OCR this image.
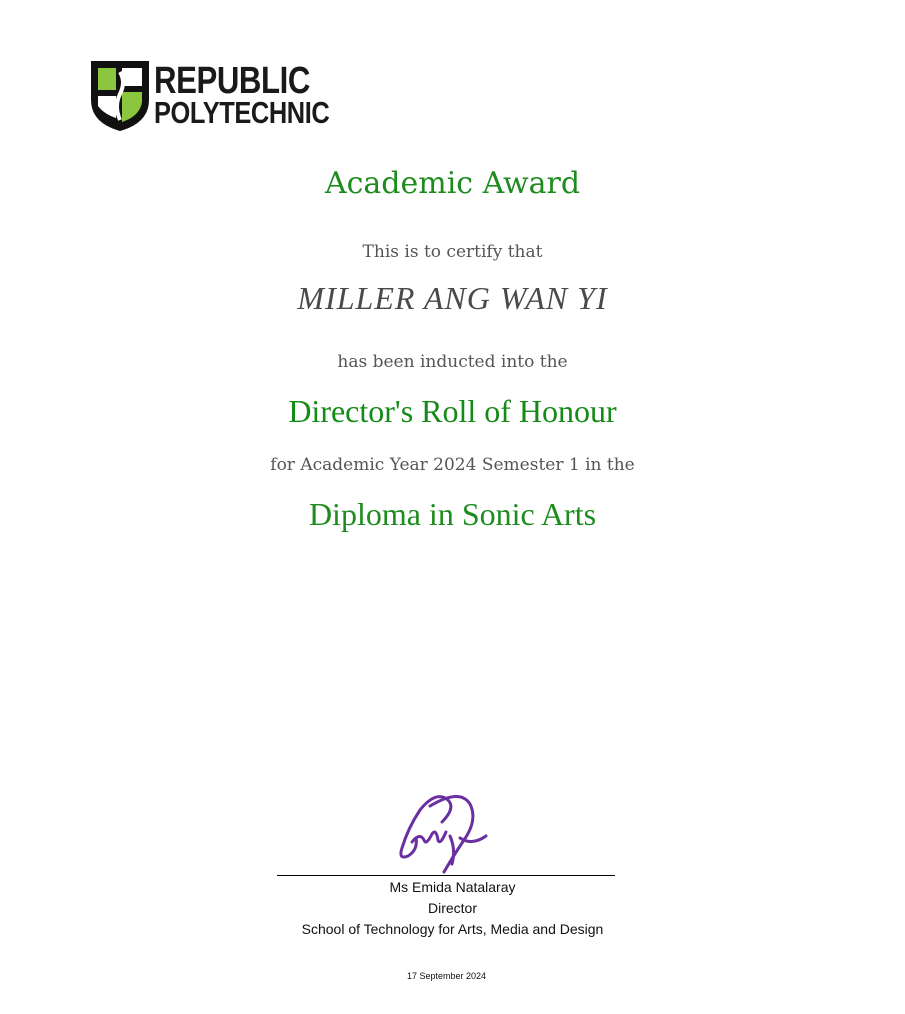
REPUBLIC
POLYTECHNIC
Academic Award

This is to certify that

MILLER ANG WAN YI

has been inducted into the

Director's Roll of Honour

for Academic Year 2024 Semester 1 in the

Diploma in Sonic Arts

Ms Emida Natalaray

Director

School of Technology for Arts, Media and Design

17 September 2024
